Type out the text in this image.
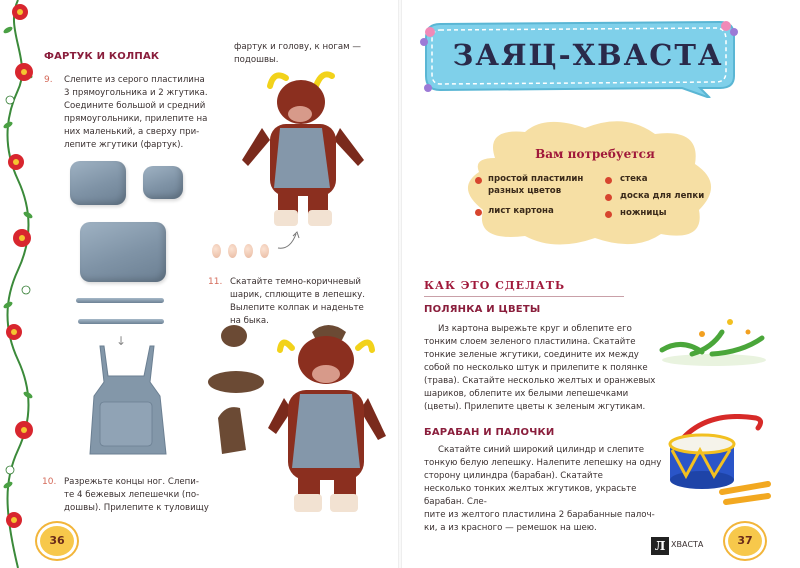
ФАРТУК И КОЛПАК
9. Слепите из серого пластилина
3 прямоугольника и 2 жгутика.
Соедините большой и средний
прямоугольники, прилепите на
них маленький, а сверху при-
лепите жгутики (фартук).
↓
фартук и голову, к ногам —
подошвы.
11. Скатайте темно-коричневый
шарик, сплющите в лепешку.
Вылепите колпак и наденьте
на быка.
10. Разрежьте концы ног. Слепи-
те 4 бежевых лепешечки (по-
дошвы). Прилепите к туловищу
36
ЗАЯЦ-ХВАСТА
Вам потребуется
простой пластилин
разных цветов
лист картона
стека
доска для лепки
ножницы
КАК ЭТО СДЕЛАТЬ
ПОЛЯНКА И ЦВЕТЫ
Из картона вырежьте круг и облепите его
тонким слоем зеленого пластилина. Скатайте
тонкие зеленые жгутики, соедините их между
собой по несколько штук и прилепите к полянке
(трава). Скатайте несколько желтых и оранжевых
шариков, облепите их белыми лепешечками
(цветы). Прилепите цветы к зеленым жгутикам.
БАРАБАН И ПАЛОЧКИ
Скатайте синий широкий цилиндр и слепите
тонкую белую лепешку. Налепите лепешку на одну
сторону цилиндра (барабан). Скатайте
несколько тонких желтых жгутиков, украсьте барабан. Сле-
пите из желтого пластилина 2 барабанные палоч-
ки, а из красного — ремешок на шею.
Л ХВАСТА	37
